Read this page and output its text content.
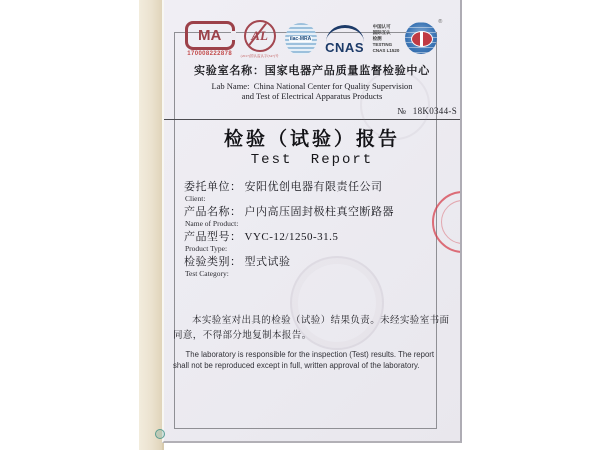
MA
170008222878
AL
(2017)国认监认字(347)号
ilac-MRA
CNAS
中国认可
国际互认
检测
TESTING
CNAS L1520
®
实验室名称：国家电器产品质量监督检验中心
Lab Name: China National Center for Quality Supervision
and Test of Electrical Apparatus Products
№ 18K0344-S
检验（试验）报告
Test Report
委托单位： 安阳优创电器有限责任公司
Client:
产品名称： 户内高压固封极柱真空断路器
Name of Product:
产品型号： VYC-12/1250-31.5
Product Type:
检验类别： 型式试验
Test Category:
本实验室对出具的检验（试验）结果负责。未经实验室书面同意，不得部分地复制本报告。
The laboratory is responsible for the inspection (Test) results. The report shall not be reproduced except in full, written approval of the laboratory.
